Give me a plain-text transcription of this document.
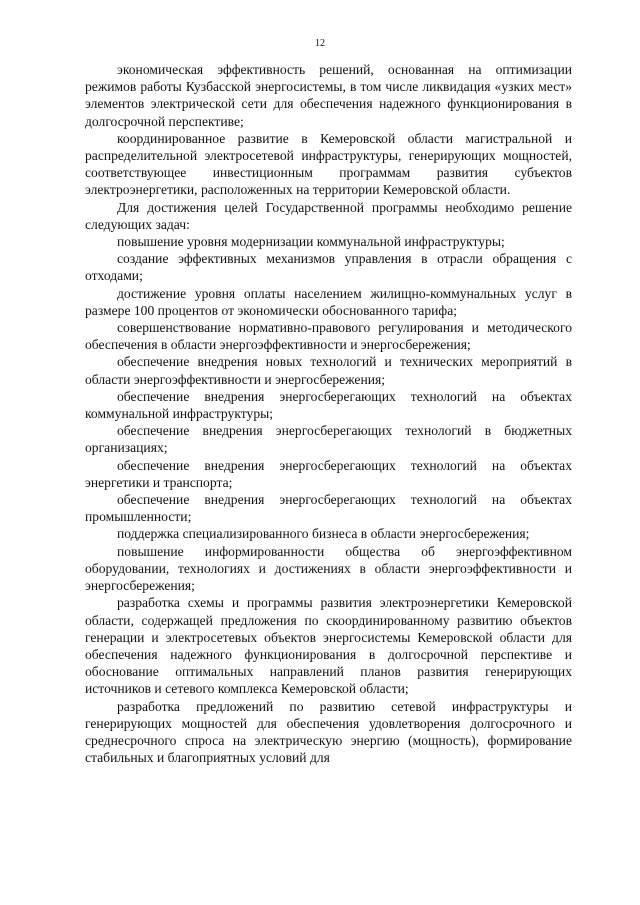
12

экономическая эффективность решений, основанная на оптимизации режимов работы Кузбасской энергосистемы, в том числе ликвидация «узких мест» элементов электрической сети для обеспечения надежного функционирования в долгосрочной перспективе;

координированное развитие в Кемеровской области магистральной и распределительной электросетевой инфраструктуры, генерирующих мощностей, соответствующее инвестиционным программам развития субъектов электроэнергетики, расположенных на территории Кемеровской области.

Для достижения целей Государственной программы необходимо решение следующих задач:

повышение уровня модернизации коммунальной инфраструктуры;

создание эффективных механизмов управления в отрасли обращения с отходами;

достижение уровня оплаты населением жилищно-коммунальных услуг в размере 100 процентов от экономически обоснованного тарифа;

совершенствование нормативно-правового регулирования и методического обеспечения в области энергоэффективности и энергосбережения;

обеспечение внедрения новых технологий и технических мероприятий в области энергоэффективности и энергосбережения;

обеспечение внедрения энергосберегающих технологий на объектах коммунальной инфраструктуры;

обеспечение внедрения энергосберегающих технологий в бюджетных организациях;

обеспечение внедрения энергосберегающих технологий на объектах энергетики и транспорта;

обеспечение внедрения энергосберегающих технологий на объектах промышленности;

поддержка специализированного бизнеса в области энергосбережения;

повышение информированности общества об энергоэффективном оборудовании, технологиях и достижениях в области энергоэффективности и энергосбережения;

разработка схемы и программы развития электроэнергетики Кемеровской области, содержащей предложения по скоординированному развитию объектов генерации и электросетевых объектов энергосистемы Кемеровской области для обеспечения надежного функционирования в долгосрочной перспективе и обоснование оптимальных направлений планов развития генерирующих источников и сетевого комплекса Кемеровской области;

разработка предложений по развитию сетевой инфраструктуры и генерирующих мощностей для обеспечения удовлетворения долгосрочного и среднесрочного спроса на электрическую энергию (мощность), формирование стабильных и благоприятных условий для
